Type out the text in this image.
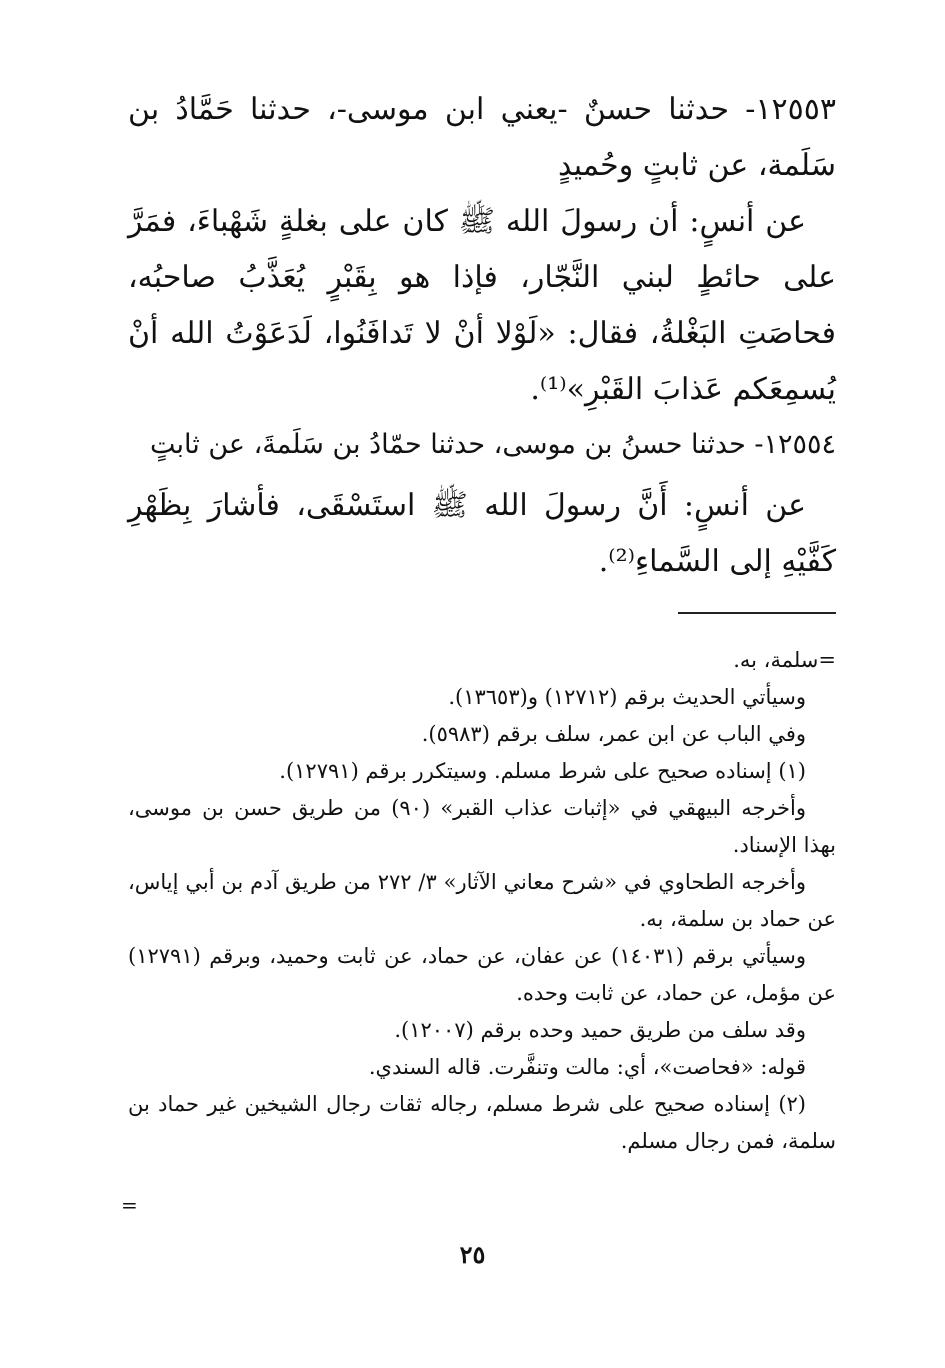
١٢٥٥٣- حدثنا حسنٌ -يعني ابن موسى-، حدثنا حَمَّادُ بن سَلَمة، عن ثابتٍ وحُميدٍ
عن أنسٍ: أن رسولَ الله ﷺ كان على بغلةٍ شَهْباءَ، فمَرَّ على حائطٍ لبني النَّجّار، فإذا هو بِقَبْرٍ يُعَذَّبُ صاحبُه، فحاصَتِ البَغْلةُ، فقال: «لَوْلا أنْ لا تَدافَنُوا، لَدَعَوْتُ الله أنْ يُسمِعَكم عَذابَ القَبْرِ»⁽¹⁾.
١٢٥٥٤- حدثنا حسنُ بن موسى، حدثنا حمّادُ بن سَلَمةَ، عن ثابتٍ
عن أنسٍ: أَنَّ رسولَ الله ﷺ استَسْقَى، فأشارَ بِظَهْرِ كَفَّيْهِ إلى السَّماءِ⁽²⁾.
=سلمة، به.
وسيأتي الحديث برقم (١٢٧١٢) و(١٣٦٥٣).
وفي الباب عن ابن عمر، سلف برقم (٥٩٨٣).
(١) إسناده صحيح على شرط مسلم. وسيتكرر برقم (١٢٧٩١).
وأخرجه البيهقي في «إثبات عذاب القبر» (٩٠) من طريق حسن بن موسى، بهذا الإسناد.
وأخرجه الطحاوي في «شرح معاني الآثار» ٣/ ٢٧٢ من طريق آدم بن أبي إياس، عن حماد بن سلمة، به.
وسيأتي برقم (١٤٠٣١) عن عفان، عن حماد، عن ثابت وحميد، وبرقم (١٢٧٩١) عن مؤمل، عن حماد، عن ثابت وحده.
وقد سلف من طريق حميد وحده برقم (١٢٠٠٧).
قوله: «فحاصت»، أي: مالت وتنفَّرت. قاله السندي.
(٢) إسناده صحيح على شرط مسلم، رجاله ثقات رجال الشيخين غير حماد بن سلمة، فمن رجال مسلم.
=
٢٥
